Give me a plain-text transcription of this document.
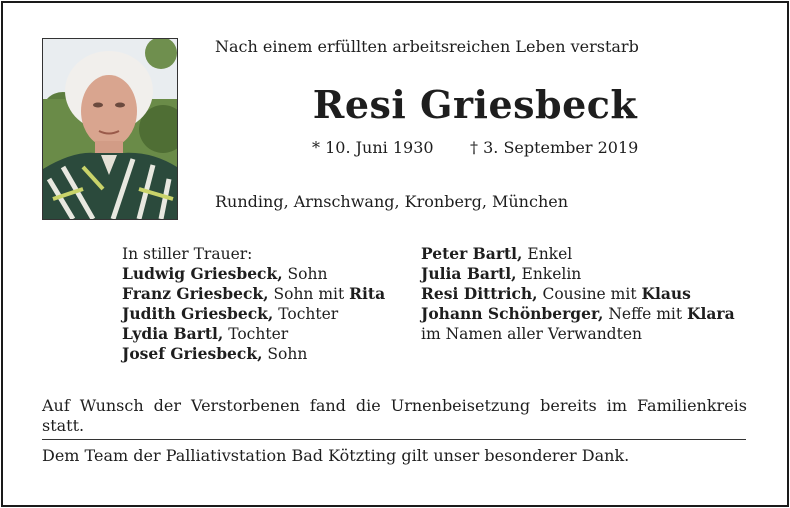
Nach einem erfüllten arbeitsreichen Leben verstarb
Resi Griesbeck
* 10. Juni 1930 † 3. September 2019
Runding, Arnschwang, Kronberg, München
In stiller Trauer:
Ludwig Griesbeck, Sohn
Franz Griesbeck, Sohn mit Rita
Judith Griesbeck, Tochter
Lydia Bartl, Tochter
Josef Griesbeck, Sohn
Peter Bartl, Enkel
Julia Bartl, Enkelin
Resi Dittrich, Cousine mit Klaus
Johann Schönberger, Neffe mit Klara
im Namen aller Verwandten
Auf Wunsch der Verstorbenen fand die Urnenbeisetzung bereits im Familienkreis statt.
Dem Team der Palliativstation Bad Kötzting gilt unser besonderer Dank.
